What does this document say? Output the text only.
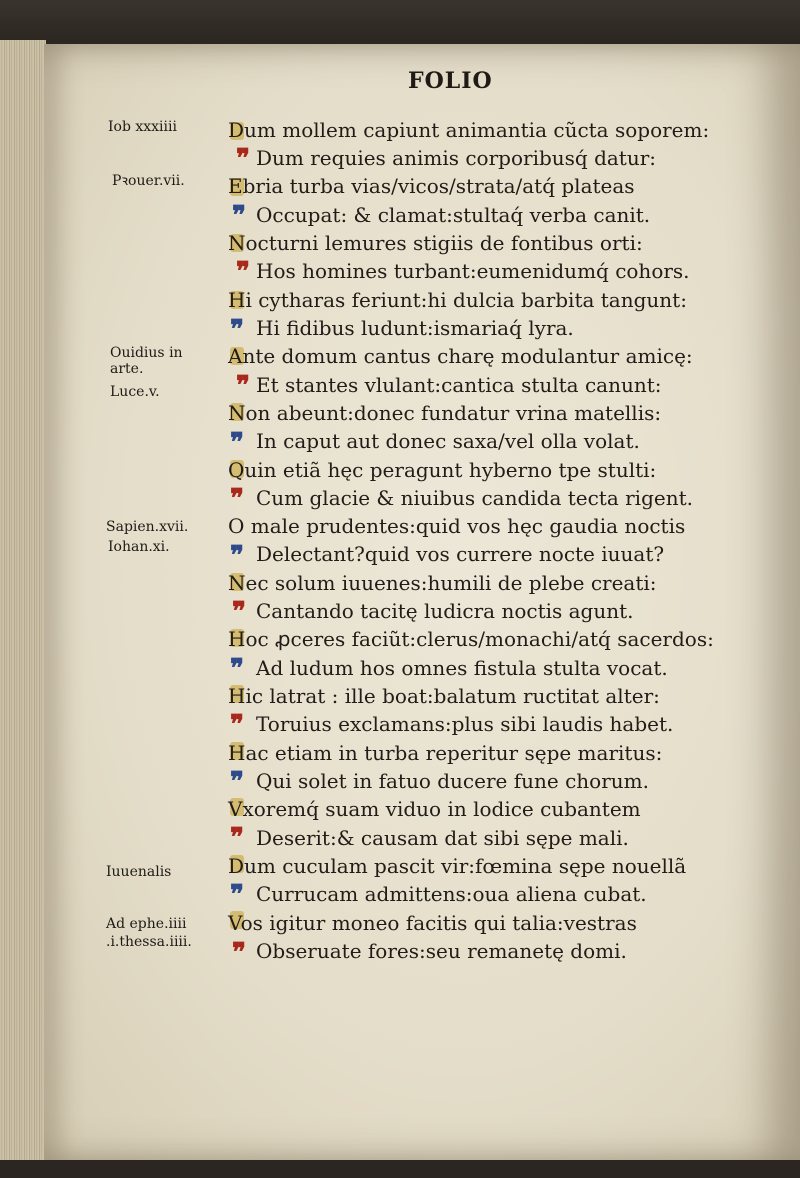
FOLIO
Iob xxxiiii
Pꝛouer.vii.
Ouidius in
arte.
Luce.v.
Sapien.xvii.
Iohan.xi.
Iuuenalis
Ad ephe.iiii
.i.thessa.iiii.
❞
❞
❞
❞
❞
❞
❞
❞
❞
❞
❞
❞
❞
❞
❞
Dum mollem capiunt animantia cũcta soporem:
Dum requies animis corporibusq́ datur:
Ebria turba vias/vicos/strata/atq́ plateas
Occupat: & clamat:stultaq́ verba canit.
Nocturni lemures stigiis de fontibus orti:
Hos homines turbant:eumenidumq́ cohors.
Hi cytharas feriunt:hi dulcia barbita tangunt:
Hi fidibus ludunt:ismariaq́ lyra.
Ante domum cantus charę modulantur amicę:
Et stantes vlulant:cantica stulta canunt:
Non abeunt:donec fundatur vrina matellis:
In caput aut donec saxa/vel olla volat.
Quin etiã hęc peragunt hyberno tpe stulti:
Cum glacie & niuibus candida tecta rigent.
O male prudentes:quid vos hęc gaudia noctis
Delectant?quid vos currere nocte iuuat?
Nec solum iuuenes:humili de plebe creati:
Cantando tacitę ludicra noctis agunt.
Hoc ꝓceres faciũt:clerus/monachi/atq́ sacerdos:
Ad ludum hos omnes fistula stulta vocat.
Hic latrat : ille boat:balatum ructitat alter:
Toruius exclamans:plus sibi laudis habet.
Hac etiam in turba reperitur sępe maritus:
Qui solet in fatuo ducere fune chorum.
Vxoremq́ suam viduo in lodice cubantem
Deserit:& causam dat sibi sępe mali.
Dum cuculam pascit vir:fœmina sępe nouellã
Currucam admittens:oua aliena cubat.
Vos igitur moneo facitis qui talia:vestras
Obseruate fores:seu remanetę domi.
